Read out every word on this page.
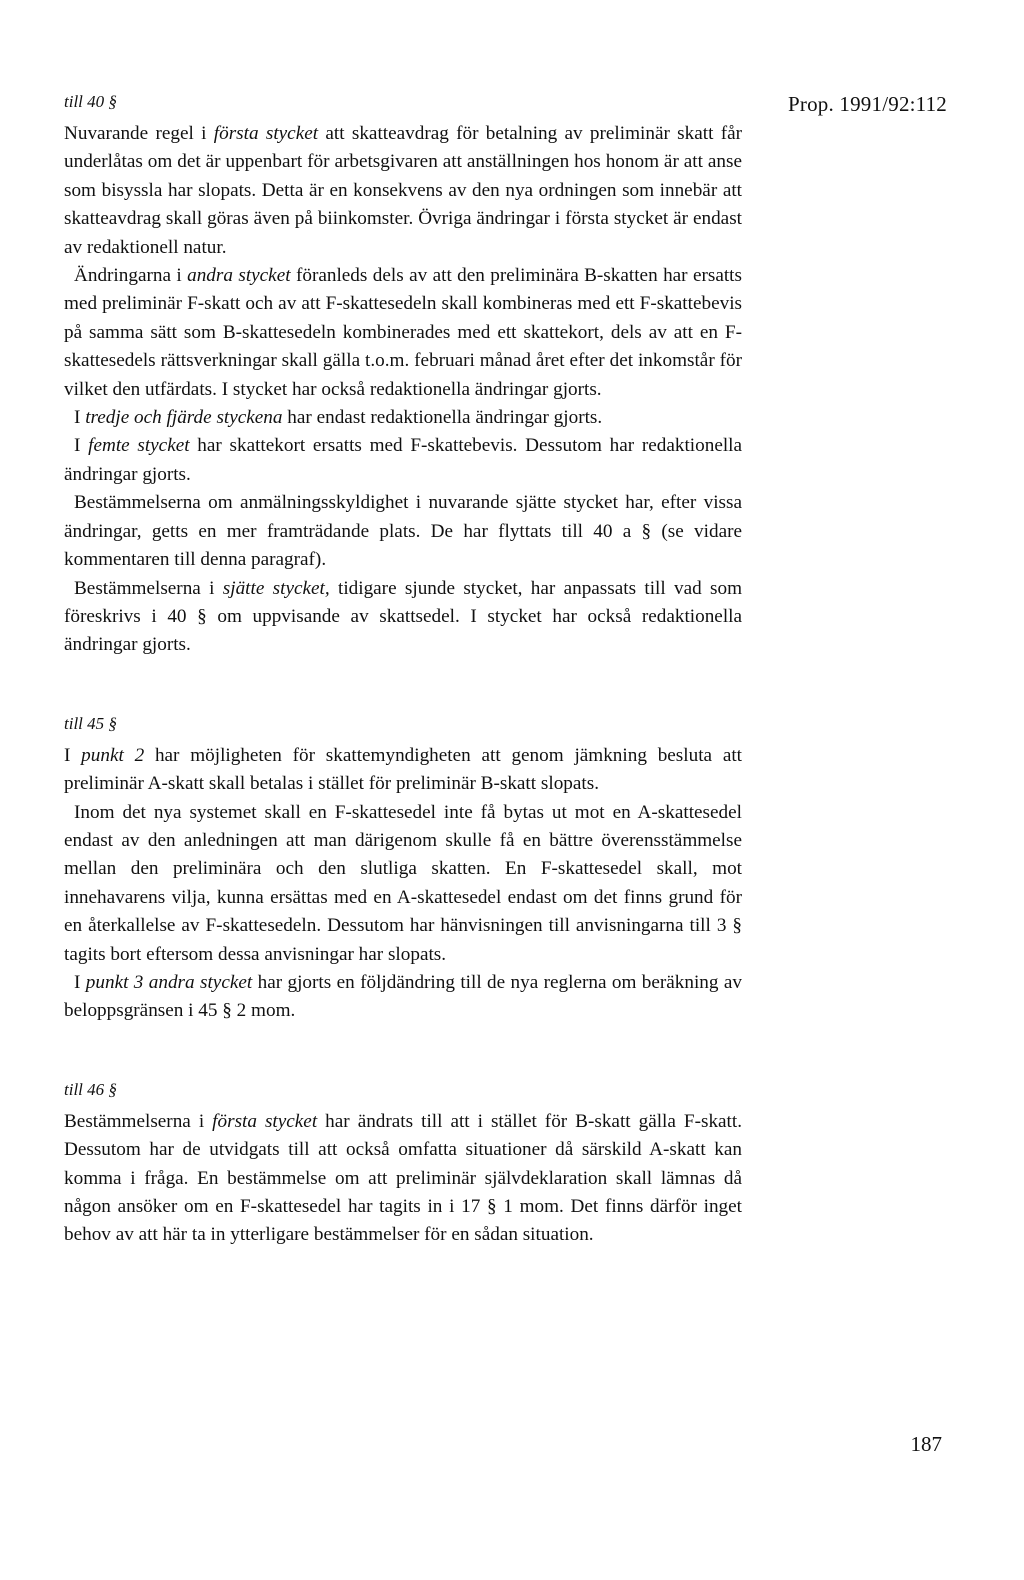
Prop. 1991/92:112
till 40 §

Nuvarande regel i första stycket att skatteavdrag för betalning av preliminär skatt får underlåtas om det är uppenbart för arbetsgivaren att anställningen hos honom är att anse som bisyssla har slopats. Detta är en konsekvens av den nya ordningen som innebär att skatteavdrag skall göras även på biinkomster. Övriga ändringar i första stycket är endast av redaktionell natur.

Ändringarna i andra stycket föranleds dels av att den preliminära B-skatten har ersatts med preliminär F-skatt och av att F-skattesedeln skall kombineras med ett F-skattebevis på samma sätt som B-skattesedeln kombinerades med ett skattekort, dels av att en F-skattesedels rättsverkningar skall gälla t.o.m. februari månad året efter det inkomstår för vilket den utfärdats. I stycket har också redaktionella ändringar gjorts.

I tredje och fjärde styckena har endast redaktionella ändringar gjorts.

I femte stycket har skattekort ersatts med F-skattebevis. Dessutom har redaktionella ändringar gjorts.

Bestämmelserna om anmälningsskyldighet i nuvarande sjätte stycket har, efter vissa ändringar, getts en mer framträdande plats. De har flyttats till 40 a § (se vidare kommentaren till denna paragraf).

Bestämmelserna i sjätte stycket, tidigare sjunde stycket, har anpassats till vad som föreskrivs i 40 § om uppvisande av skattsedel. I stycket har också redaktionella ändringar gjorts.

till 45 §

I punkt 2 har möjligheten för skattemyndigheten att genom jämkning besluta att preliminär A-skatt skall betalas i stället för preliminär B-skatt slopats.

Inom det nya systemet skall en F-skattesedel inte få bytas ut mot en A-skattesedel endast av den anledningen att man därigenom skulle få en bättre överensstämmelse mellan den preliminära och den slutliga skatten. En F-skattesedel skall, mot innehavarens vilja, kunna ersättas med en A-skattesedel endast om det finns grund för en återkallelse av F-skattesedeln. Dessutom har hänvisningen till anvisningarna till 3 § tagits bort eftersom dessa anvisningar har slopats.

I punkt 3 andra stycket har gjorts en följdändring till de nya reglerna om beräkning av beloppsgränsen i 45 § 2 mom.

till 46 §

Bestämmelserna i första stycket har ändrats till att i stället för B-skatt gälla F-skatt. Dessutom har de utvidgats till att också omfatta situationer då särskild A-skatt kan komma i fråga. En bestämmelse om att preliminär självdeklaration skall lämnas då någon ansöker om en F-skattesedel har tagits in i 17 § 1 mom. Det finns därför inget behov av att här ta in ytterligare bestämmelser för en sådan situation.

187
